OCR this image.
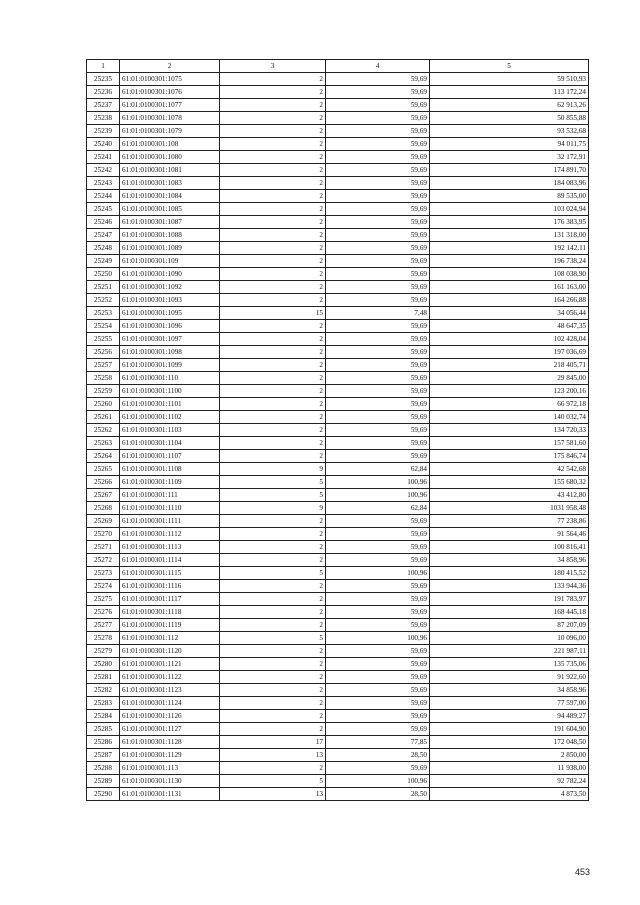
1	2	3	4	5
25235	61:01:0100301:1075	2	59,69	59 510,93
25236	61:01:0100301:1076	2	59,69	113 172,24
25237	61:01:0100301:1077	2	59,69	62 913,26
25238	61:01:0100301:1078	2	59,69	50 855,88
25239	61:01:0100301:1079	2	59,69	93 532,68
25240	61:01:0100301:108	2	59,69	94 011,75
25241	61:01:0100301:1080	2	59,69	32 172,91
25242	61:01:0100301:1081	2	59,69	174 891,70
25243	61:01:0100301:1083	2	59,69	184 083,96
25244	61:01:0100301:1084	2	59,69	89 535,00
25245	61:01:0100301:1085	2	59,69	103 024,94
25246	61:01:0100301:1087	2	59,69	176 383,95
25247	61:01:0100301:1088	2	59,69	131 318,00
25248	61:01:0100301:1089	2	59,69	192 142,11
25249	61:01:0100301:109	2	59,69	196 738,24
25250	61:01:0100301:1090	2	59,69	108 038,90
25251	61:01:0100301:1092	2	59,69	161 163,00
25252	61:01:0100301:1093	2	59,69	164 266,88
25253	61:01:0100301:1095	15	7,48	34 056,44
25254	61:01:0100301:1096	2	59,69	48 647,35
25255	61:01:0100301:1097	2	59,69	102 428,04
25256	61:01:0100301:1098	2	59,69	197 036,69
25257	61:01:0100301:1099	2	59,69	218 405,71
25258	61:01:0100301:110	2	59,69	29 845,00
25259	61:01:0100301:1100	2	59,69	123 200,16
25260	61:01:0100301:1101	2	59,69	66 972,18
25261	61:01:0100301:1102	2	59,69	140 032,74
25262	61:01:0100301:1103	2	59,69	134 720,33
25263	61:01:0100301:1104	2	59,69	157 581,60
25264	61:01:0100301:1107	2	59,69	175 846,74
25265	61:01:0100301:1108	9	62,84	42 542,68
25266	61:01:0100301:1109	5	100,96	155 680,32
25267	61:01:0100301:111	5	100,96	43 412,80
25268	61:01:0100301:1110	9	62,84	1031 958,48
25269	61:01:0100301:1111	2	59,69	77 238,86
25270	61:01:0100301:1112	2	59,69	91 564,46
25271	61:01:0100301:1113	2	59,69	100 816,41
25272	61:01:0100301:1114	2	59,69	34 858,96
25273	61:01:0100301:1115	5	100,96	180 415,52
25274	61:01:0100301:1116	2	59,69	133 944,36
25275	61:01:0100301:1117	2	59,69	191 783,97
25276	61:01:0100301:1118	2	59,69	168 445,18
25277	61:01:0100301:1119	2	59,69	87 207,09
25278	61:01:0100301:112	5	100,96	10 096,00
25279	61:01:0100301:1120	2	59,69	221 987,11
25280	61:01:0100301:1121	2	59,69	135 735,06
25281	61:01:0100301:1122	2	59,69	91 922,60
25282	61:01:0100301:1123	2	59,69	34 858,96
25283	61:01:0100301:1124	2	59,69	77 597,00
25284	61:01:0100301:1126	2	59,69	94 489,27
25285	61:01:0100301:1127	2	59,69	191 604,90
25286	61:01:0100301:1128	17	77,85	172 048,50
25287	61:01:0100301:1129	13	28,50	2 850,00
25288	61:01:0100301:113	2	59,69	11 938,00
25289	61:01:0100301:1130	5	100,96	92 782,24
25290	61:01:0100301:1131	13	28,50	4 873,50
453
